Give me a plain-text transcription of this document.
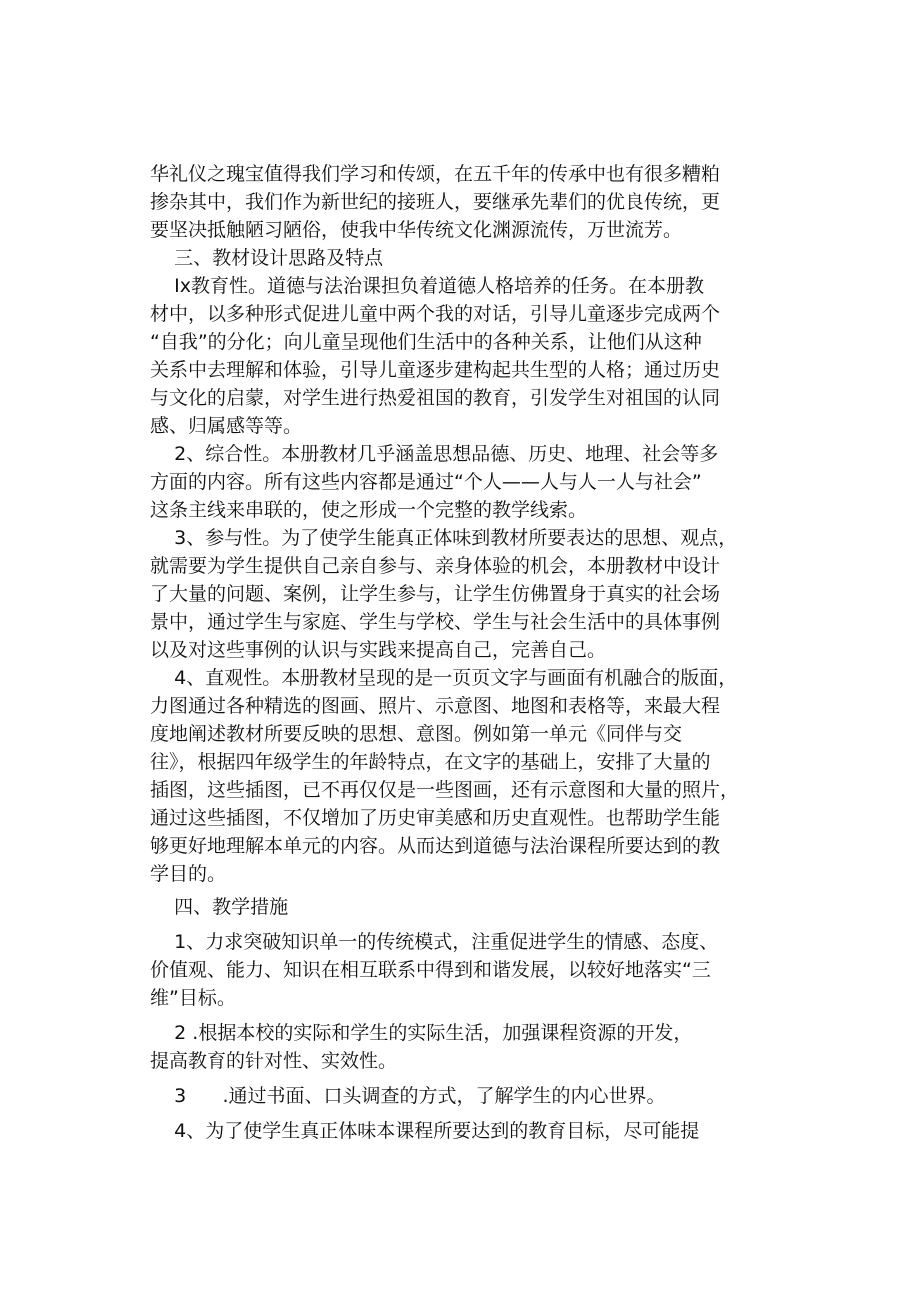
华礼仪之瑰宝值得我们学习和传颂，在五千年的传承中也有很多糟粕
掺杂其中，我们作为新世纪的接班人，要继承先辈们的优良传统，更
要坚决抵触陋习陋俗，使我中华传统文化渊源流传，万世流芳。
三、教材设计思路及特点
Ix教育性。道德与法治课担负着道德人格培养的任务。在本册教
材中，以多种形式促进儿童中两个我的对话，引导儿童逐步完成两个
“自我”的分化；向儿童呈现他们生活中的各种关系，让他们从这种
关系中去理解和体验，引导儿童逐步建构起共生型的人格；通过历史
与文化的启蒙，对学生进行热爱祖国的教育，引发学生对祖国的认同
感、归属感等等。
2、综合性。本册教材几乎涵盖思想品德、历史、地理、社会等多
方面的内容。所有这些内容都是通过“个人——人与人一人与社会”
这条主线来串联的，使之形成一个完整的教学线索。
3、参与性。为了使学生能真正体味到教材所要表达的思想、观点，
就需要为学生提供自己亲自参与、亲身体验的机会，本册教材中设计
了大量的问题、案例，让学生参与，让学生仿佛置身于真实的社会场
景中，通过学生与家庭、学生与学校、学生与社会生活中的具体事例
以及对这些事例的认识与实践来提高自己，完善自己。
4、直观性。本册教材呈现的是一页页文字与画面有机融合的版面，
力图通过各种精选的图画、照片、示意图、地图和表格等，来最大程
度地阐述教材所要反映的思想、意图。例如第一单元《同伴与交
往》，根据四年级学生的年龄特点，在文字的基础上，安排了大量的
插图，这些插图，已不再仅仅是一些图画，还有示意图和大量的照片，
通过这些插图，不仅增加了历史审美感和历史直观性。也帮助学生能
够更好地理解本单元的内容。从而达到道德与法治课程所要达到的教
学目的。
四、教学措施
1、力求突破知识单一的传统模式，注重促进学生的情感、态度、
价值观、能力、知识在相互联系中得到和谐发展，以较好地落实“三
维”目标。
2 .根据本校的实际和学生的实际生活，加强课程资源的开发，
提高教育的针对性、实效性。
3      .通过书面、口头调查的方式，了解学生的内心世界。
4、为了使学生真正体味本课程所要达到的教育目标，尽可能提
